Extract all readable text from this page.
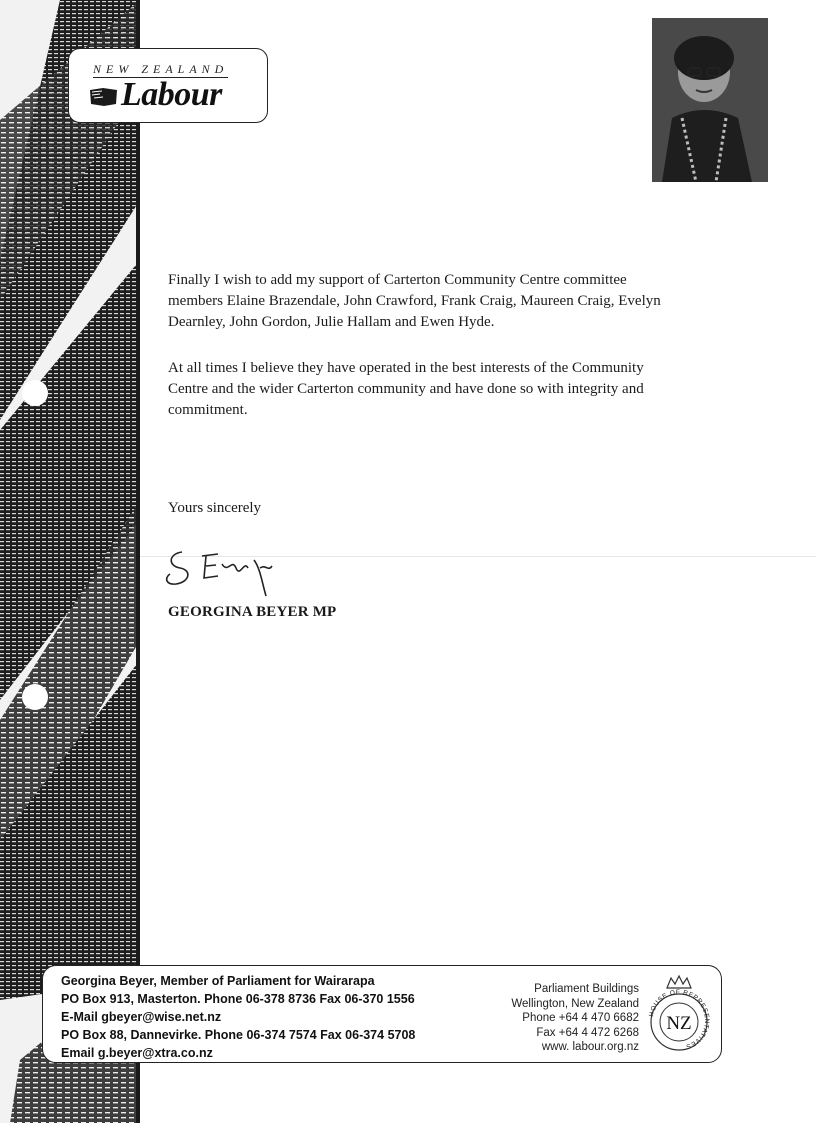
NEW ZEALAND
Labour

Finally I wish to add my support of Carterton Community Centre committee members Elaine Brazendale, John Crawford, Frank Craig, Maureen Craig, Evelyn Dearnley, John Gordon, Julie Hallam and Ewen Hyde.

At all times I believe they have operated in the best interests of the Community Centre and the wider Carterton community and have done so with integrity and commitment.

Yours sincerely

GEORGINA BEYER MP

Georgina Beyer, Member of Parliament for Wairarapa
PO Box 913, Masterton. Phone 06-378 8736 Fax 06-370 1556
E-Mail gbeyer@wise.net.nz
PO Box 88, Dannevirke. Phone 06-374 7574 Fax 06-374 5708
Email g.beyer@xtra.co.nz
Parliament Buildings
Wellington, New Zealand
Phone +64 4 470 6682
Fax +64 4 472 6268
www. labour.org.nz
HOUSE OF REPRESENTATIVES
NZ
